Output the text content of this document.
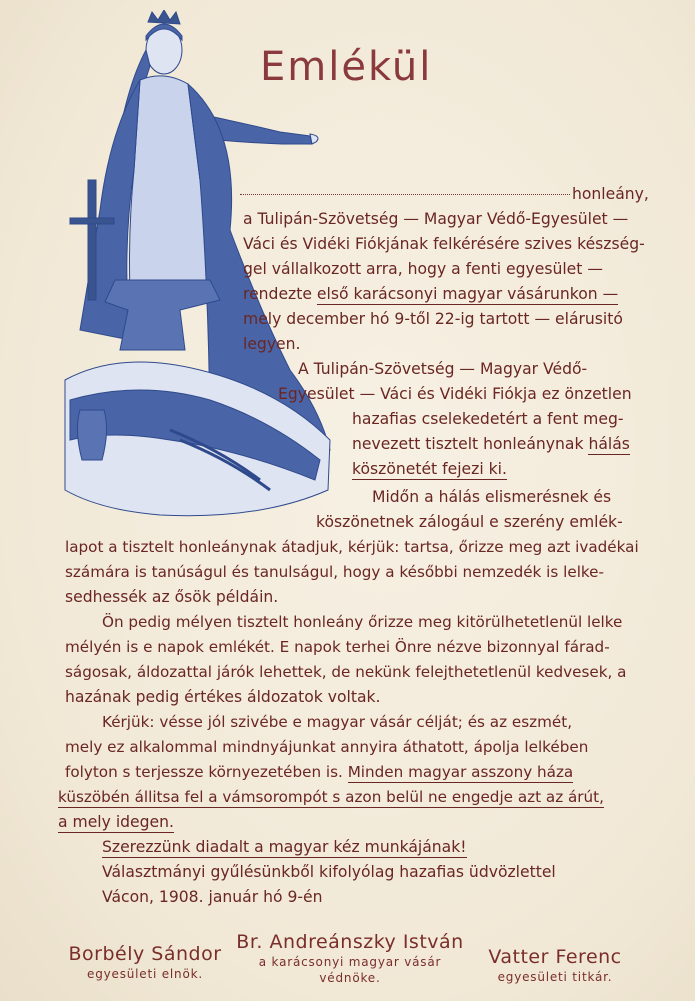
Emlékül
honleány,
a Tulipán-Szövetség — Magyar Védő-Egyesület —
Váci és Vidéki Fiókjának felkérésére szives készség-
gel vállalkozott arra, hogy a fenti egyesület —
rendezte első karácsonyi magyar vásárunkon —
mely december hó 9-től 22-ig tartott — elárusitó
legyen.
A Tulipán-Szövetség — Magyar Védő-
Egyesület — Váci és Vidéki Fiókja ez önzetlen
hazafias cselekedetért a fent meg-
nevezett tisztelt honleánynak hálás
köszönetét fejezi ki.
Midőn a hálás elismerésnek és
köszönetnek zálogául e szerény emlék-
lapot a tisztelt honleánynak átadjuk, kérjük: tartsa, őrizze meg azt ivadékai
számára is tanúságul és tanulságul, hogy a későbbi nemzedék is lelke-
sedhessék az ősök példáin.
Ön pedig mélyen tisztelt honleány őrizze meg kitörülhetetlenül lelke
mélyén is e napok emlékét. E napok terhei Önre nézve bizonnyal fárad-
ságosak, áldozattal járók lehettek, de nekünk felejthetetlenül kedvesek, a
hazának pedig értékes áldozatok voltak.
Kérjük: vésse jól szivébe e magyar vásár célját; és az eszmét,
mely ez alkalommal mindnyájunkat annyira áthatott, ápolja lelkében
folyton s terjessze környezetében is. Minden magyar asszony háza
küszöbén állitsa fel a vámsorompót s azon belül ne engedje azt az árút,
a mely idegen.
Szerezzünk diadalt a magyar kéz munkájának!
Választmányi gyűlésünkből kifolyólag hazafias üdvözlettel
Vácon, 1908. január hó 9-én
Borbély Sándor
egyesületi elnök.
Br. Andreánszky István
a karácsonyi magyar vásár
védnöke.
Vatter Ferenc
egyesületi titkár.
